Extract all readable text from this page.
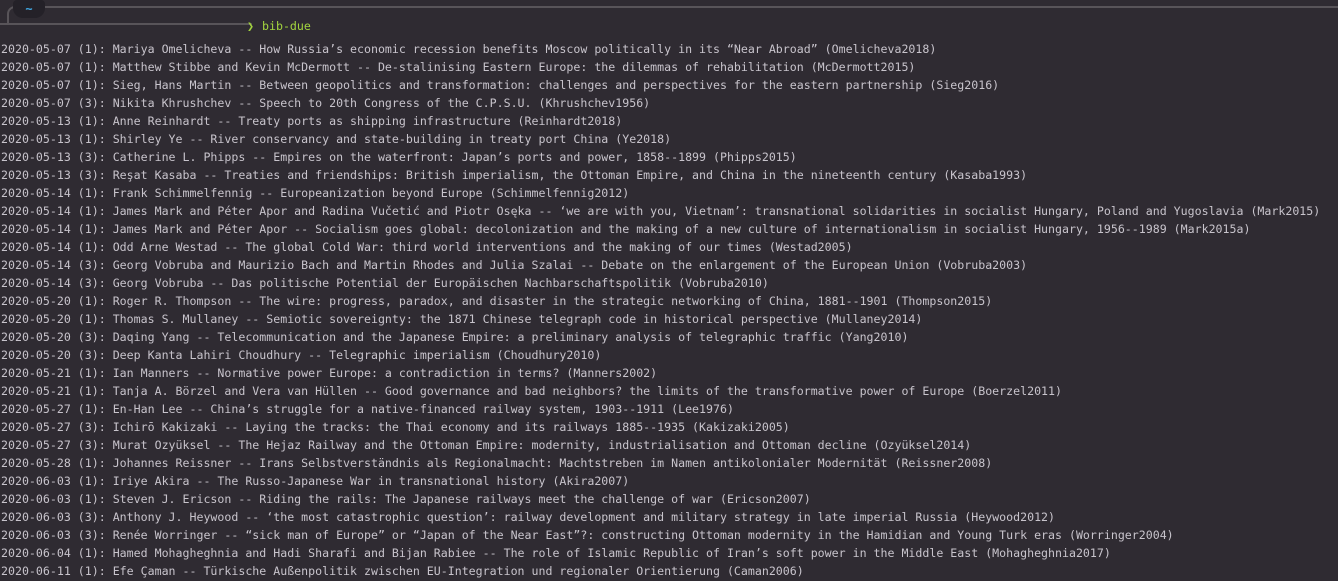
~
❯ bib-due
2020-05-07 (1): Mariya Omelicheva -- How Russia’s economic recession benefits Moscow politically in its “Near Abroad” (Omelicheva2018)
2020-05-07 (1): Matthew Stibbe and Kevin McDermott -- De-stalinising Eastern Europe: the dilemmas of rehabilitation (McDermott2015)
2020-05-07 (1): Sieg, Hans Martin -- Between geopolitics and transformation: challenges and perspectives for the eastern partnership (Sieg2016)
2020-05-07 (3): Nikita Khrushchev -- Speech to 20th Congress of the C.P.S.U. (Khrushchev1956)
2020-05-13 (1): Anne Reinhardt -- Treaty ports as shipping infrastructure (Reinhardt2018)
2020-05-13 (1): Shirley Ye -- River conservancy and state-building in treaty port China (Ye2018)
2020-05-13 (3): Catherine L. Phipps -- Empires on the waterfront: Japan’s ports and power, 1858--1899 (Phipps2015)
2020-05-13 (3): Reşat Kasaba -- Treaties and friendships: British imperialism, the Ottoman Empire, and China in the nineteenth century (Kasaba1993)
2020-05-14 (1): Frank Schimmelfennig -- Europeanization beyond Europe (Schimmelfennig2012)
2020-05-14 (1): James Mark and Péter Apor and Radina Vučetić and Piotr Osęka -- ‘we are with you, Vietnam’: transnational solidarities in socialist Hungary, Poland and Yugoslavia (Mark2015)
2020-05-14 (1): James Mark and Péter Apor -- Socialism goes global: decolonization and the making of a new culture of internationalism in socialist Hungary, 1956--1989 (Mark2015a)
2020-05-14 (1): Odd Arne Westad -- The global Cold War: third world interventions and the making of our times (Westad2005)
2020-05-14 (3): Georg Vobruba and Maurizio Bach and Martin Rhodes and Julia Szalai -- Debate on the enlargement of the European Union (Vobruba2003)
2020-05-14 (3): Georg Vobruba -- Das politische Potential der Europäischen Nachbarschaftspolitik (Vobruba2010)
2020-05-20 (1): Roger R. Thompson -- The wire: progress, paradox, and disaster in the strategic networking of China, 1881--1901 (Thompson2015)
2020-05-20 (1): Thomas S. Mullaney -- Semiotic sovereignty: the 1871 Chinese telegraph code in historical perspective (Mullaney2014)
2020-05-20 (3): Daqing Yang -- Telecommunication and the Japanese Empire: a preliminary analysis of telegraphic traffic (Yang2010)
2020-05-20 (3): Deep Kanta Lahiri Choudhury -- Telegraphic imperialism (Choudhury2010)
2020-05-21 (1): Ian Manners -- Normative power Europe: a contradiction in terms? (Manners2002)
2020-05-21 (1): Tanja A. Börzel and Vera van Hüllen -- Good governance and bad neighbors? the limits of the transformative power of Europe (Boerzel2011)
2020-05-27 (1): En-Han Lee -- China’s struggle for a native-financed railway system, 1903--1911 (Lee1976)
2020-05-27 (3): Ichirō Kakizaki -- Laying the tracks: the Thai economy and its railways 1885--1935 (Kakizaki2005)
2020-05-27 (3): Murat Ozyüksel -- The Hejaz Railway and the Ottoman Empire: modernity, industrialisation and Ottoman decline (Ozyüksel2014)
2020-05-28 (1): Johannes Reissner -- Irans Selbstverständnis als Regionalmacht: Machtstreben im Namen antikolonialer Modernität (Reissner2008)
2020-06-03 (1): Iriye Akira -- The Russo-Japanese War in transnational history (Akira2007)
2020-06-03 (1): Steven J. Ericson -- Riding the rails: The Japanese railways meet the challenge of war (Ericson2007)
2020-06-03 (3): Anthony J. Heywood -- ‘the most catastrophic question’: railway development and military strategy in late imperial Russia (Heywood2012)
2020-06-03 (3): Renée Worringer -- “sick man of Europe” or “Japan of the Near East”?: constructing Ottoman modernity in the Hamidian and Young Turk eras (Worringer2004)
2020-06-04 (1): Hamed Mohagheghnia and Hadi Sharafi and Bijan Rabiee -- The role of Islamic Republic of Iran’s soft power in the Middle East (Mohagheghnia2017)
2020-06-11 (1): Efe Çaman -- Türkische Außenpolitik zwischen EU-Integration und regionaler Orientierung (Caman2006)
